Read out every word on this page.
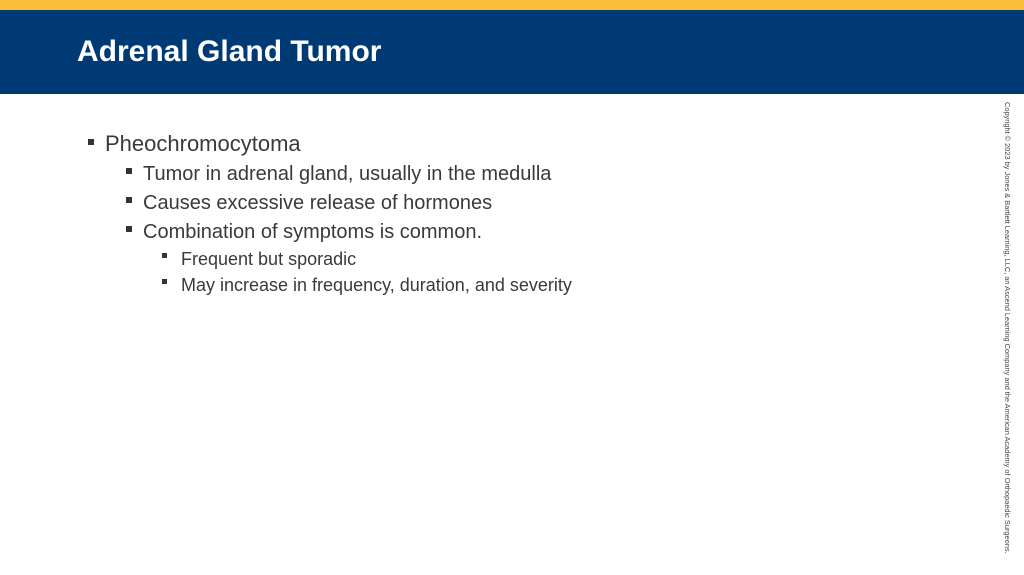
Adrenal Gland Tumor
Pheochromocytoma
Tumor in adrenal gland, usually in the medulla
Causes excessive release of hormones
Combination of symptoms is common.
Frequent but sporadic
May increase in frequency, duration, and severity	Copyright © 2023 by Jones & Bartlett Learning, LLC, an Ascend Learning Company and the American Academy of Orthopaedic Surgeons.
